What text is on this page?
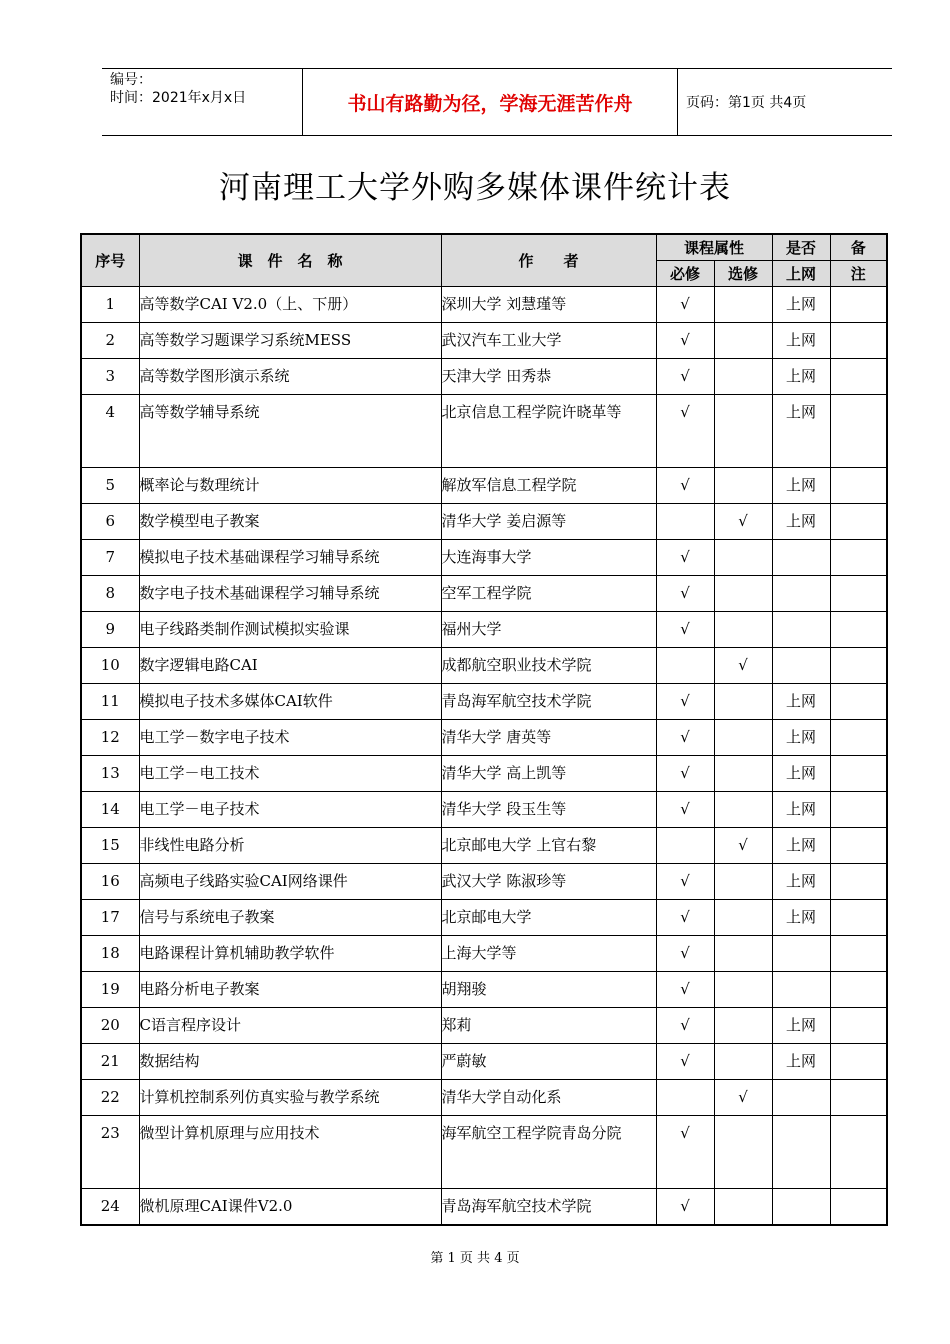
编号：
时间：2021年x月x日	书山有路勤为径，学海无涯苦作舟	页码：第1页 共4页
河南理工大学外购多媒体课件统计表
序号	课　件　名　称	作　　者	课程属性		是否	备
			必修	选修	上网	注
1	高等数学CAI V2.0（上、下册）	深圳大学 刘慧瑾等	√		上网	
2	高等数学习题课学习系统MESS	武汉汽车工业大学	√		上网	
3	高等数学图形演示系统	天津大学 田秀恭	√		上网	
4	高等数学辅导系统	北京信息工程学院许晓革等	√		上网	
5	概率论与数理统计	解放军信息工程学院	√		上网	
6	数学模型电子教案	清华大学 姜启源等		√	上网	
7	模拟电子技术基础课程学习辅导系统	大连海事大学	√			
8	数字电子技术基础课程学习辅导系统	空军工程学院	√			
9	电子线路类制作测试模拟实验课	福州大学	√			
10	数字逻辑电路CAI	成都航空职业技术学院		√		
11	模拟电子技术多媒体CAI软件	青岛海军航空技术学院	√		上网	
12	电工学－数字电子技术	清华大学 唐英等	√		上网	
13	电工学－电工技术	清华大学 高上凯等	√		上网	
14	电工学－电子技术	清华大学 段玉生等	√		上网	
15	非线性电路分析	北京邮电大学 上官右黎		√	上网	
16	高频电子线路实验CAI网络课件	武汉大学 陈淑珍等	√		上网	
17	信号与系统电子教案	北京邮电大学	√		上网	
18	电路课程计算机辅助教学软件	上海大学等	√			
19	电路分析电子教案	胡翔骏	√			
20	C语言程序设计	郑莉	√		上网	
21	数据结构	严蔚敏	√		上网	
22	计算机控制系列仿真实验与教学系统	清华大学自动化系		√		
23	微型计算机原理与应用技术	海军航空工程学院青岛分院	√			
24	微机原理CAI课件V2.0	青岛海军航空技术学院	√			
第 1 页 共 4 页
